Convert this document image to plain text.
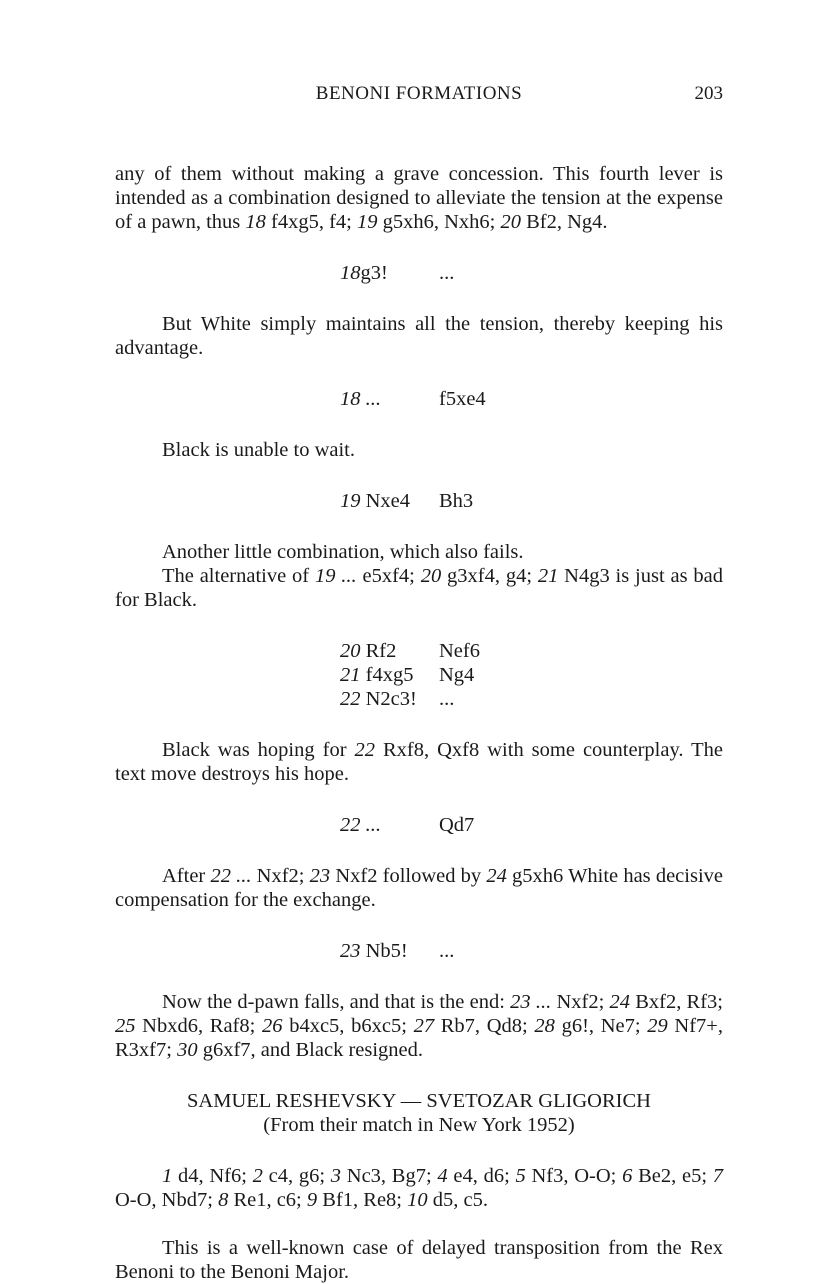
BENONI FORMATIONS	203

any of them without making a grave concession. This fourth lever is intended as a combination designed to alleviate the tension at the expense of a pawn, thus 18 f4xg5, f4; 19 g5xh6, Nxh6; 20 Bf2, Ng4.

18g3!	...

But White simply maintains all the tension, thereby keeping his advantage.

18 ...	f5xe4

Black is unable to wait.

19 Nxe4	Bh3

Another little combination, which also fails.

The alternative of 19 ... e5xf4; 20 g3xf4, g4; 21 N4g3 is just as bad for Black.

20 Rf2	Nef6
21 f4xg5	Ng4
22 N2c3!	...

Black was hoping for 22 Rxf8, Qxf8 with some counterplay. The text move destroys his hope.

22 ...	Qd7

After 22 ... Nxf2; 23 Nxf2 followed by 24 g5xh6 White has decisive compensation for the exchange.

23 Nb5!	...

Now the d-pawn falls, and that is the end: 23 ... Nxf2; 24 Bxf2, Rf3; 25 Nbxd6, Raf8; 26 b4xc5, b6xc5; 27 Rb7, Qd8; 28 g6!, Ne7; 29 Nf7+, R3xf7; 30 g6xf7, and Black resigned.

SAMUEL RESHEVSKY — SVETOZAR GLIGORICH
(From their match in New York 1952)

1 d4, Nf6; 2 c4, g6; 3 Nc3, Bg7; 4 e4, d6; 5 Nf3, O-O; 6 Be2, e5; 7 O-O, Nbd7; 8 Re1, c6; 9 Bf1, Re8; 10 d5, c5.

This is a well-known case of delayed transposition from the Rex Benoni to the Benoni Major.
